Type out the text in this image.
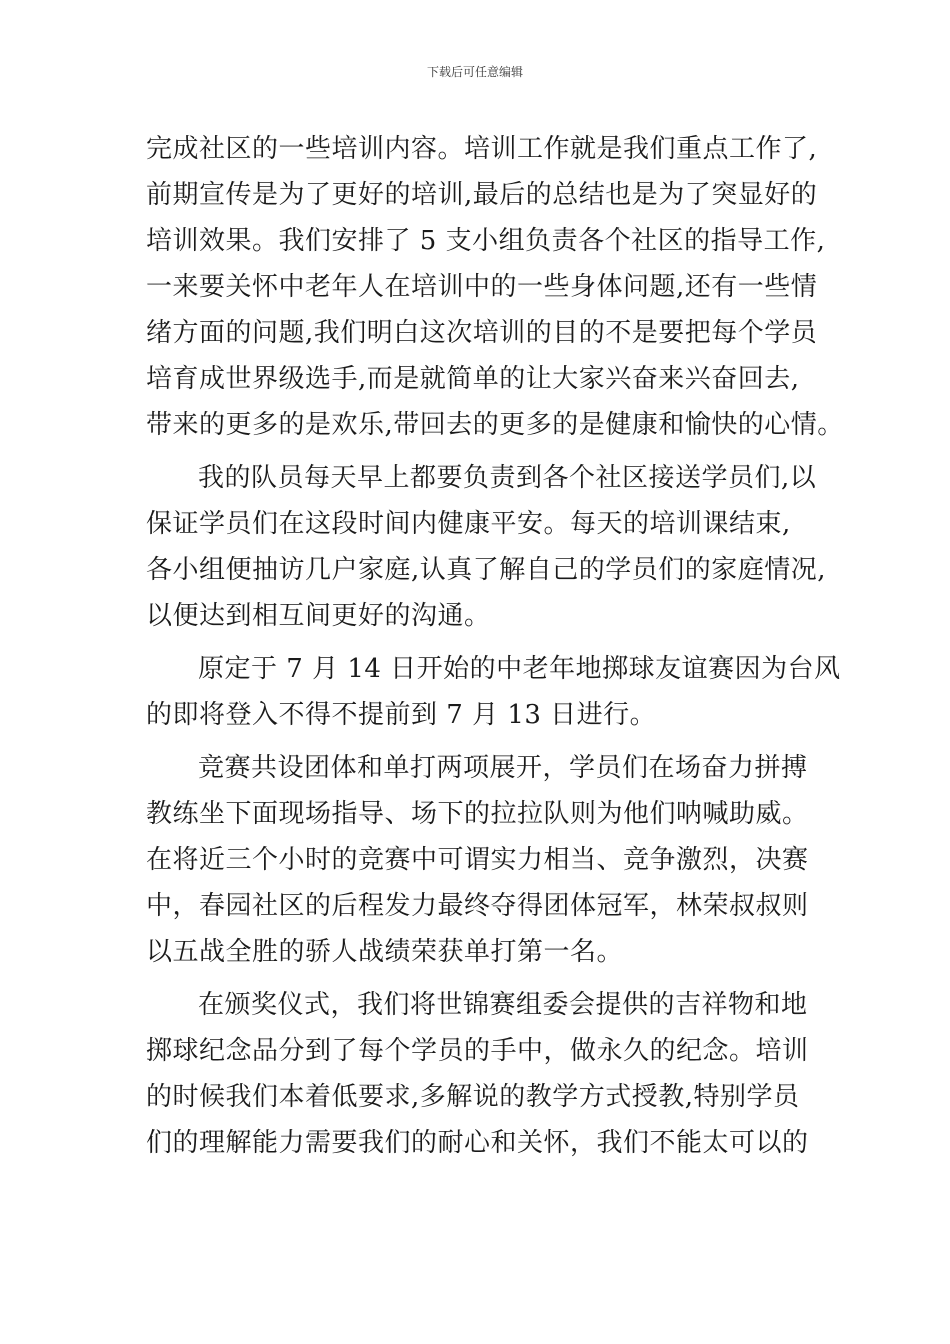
下载后可任意编辑
完成社区的一些培训内容。培训工作就是我们重点工作了,
前期宣传是为了更好的培训,最后的总结也是为了突显好的
培训效果。我们安排了 5 支小组负责各个社区的指导工作,
一来要关怀中老年人在培训中的一些身体问题,还有一些情
绪方面的问题,我们明白这次培训的目的不是要把每个学员
培育成世界级选手,而是就简单的让大家兴奋来兴奋回去,
带来的更多的是欢乐,带回去的更多的是健康和愉快的心情。
我的队员每天早上都要负责到各个社区接送学员们,以
保证学员们在这段时间内健康平安。每天的培训课结束,
各小组便抽访几户家庭,认真了解自己的学员们的家庭情况,
以便达到相互间更好的沟通。
原定于 7 月 14 日开始的中老年地掷球友谊赛因为台风
的即将登入不得不提前到 7 月 13 日进行。
竞赛共设团体和单打两项展开，学员们在场奋力拼搏
教练坐下面现场指导、场下的拉拉队则为他们呐喊助威。
在将近三个小时的竞赛中可谓实力相当、竞争激烈，决赛
中，春园社区的后程发力最终夺得团体冠军，林荣叔叔则
以五战全胜的骄人战绩荣获单打第一名。
在颁奖仪式，我们将世锦赛组委会提供的吉祥物和地
掷球纪念品分到了每个学员的手中，做永久的纪念。培训
的时候我们本着低要求,多解说的教学方式授教,特别学员
们的理解能力需要我们的耐心和关怀，我们不能太可以的
